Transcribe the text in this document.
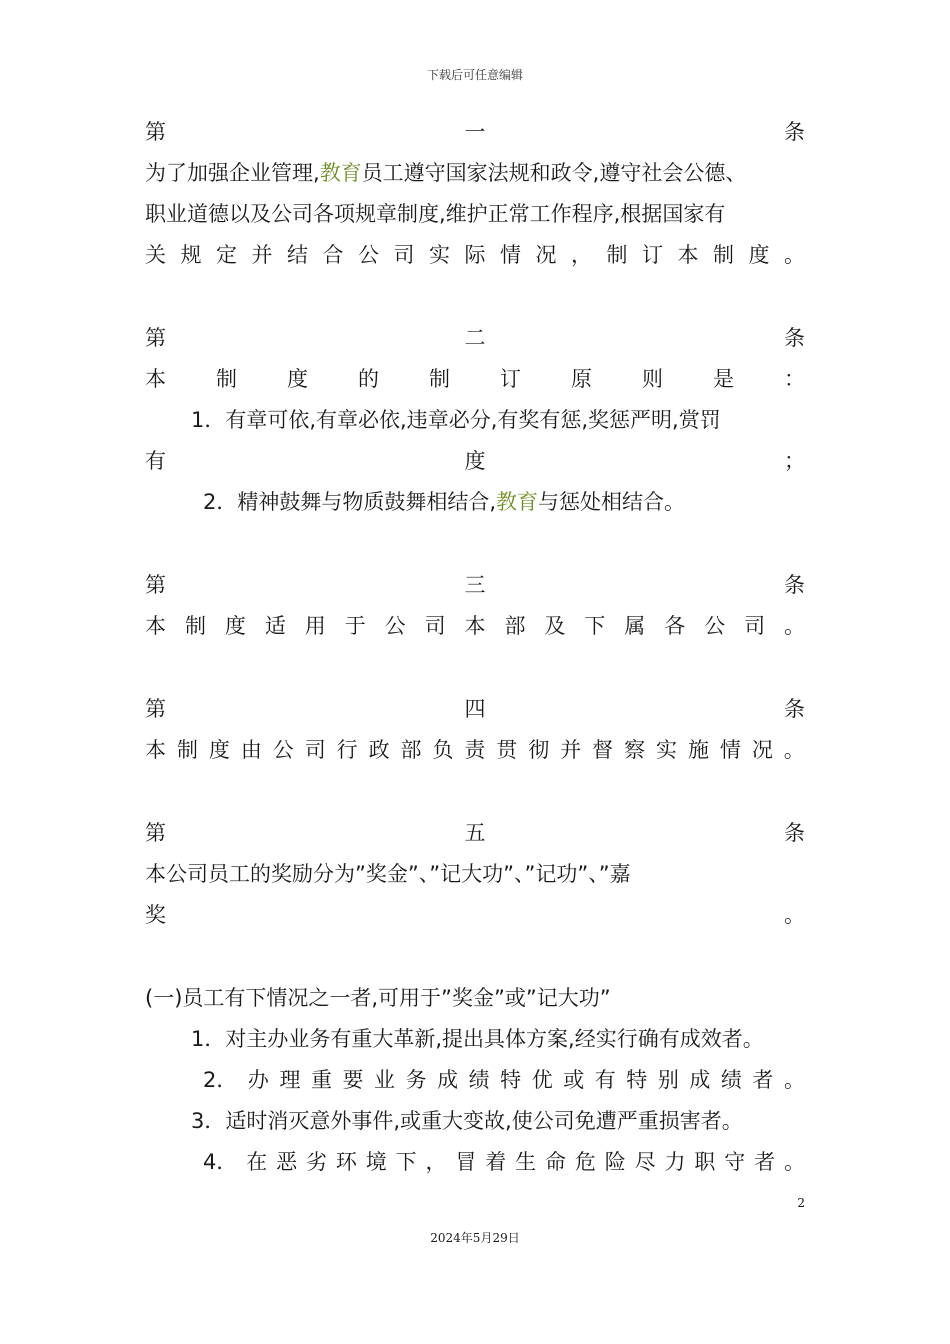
下载后可任意编辑
第	一	条
为了加强企业管理,教育员工遵守国家法规和政令,遵守社会公德、
职业道德以及公司各项规章制度,维护正常工作程序,根据国家有
关 规 定 并 结 合 公 司 实 际 情 况 ， 制 订 本 制 度 。
第	二	条
本 制 度 的 制 订 原 则 是 ：
1．有章可依,有章必依,违章必分,有奖有惩,奖惩严明,赏罚
有	度	；
2．精神鼓舞与物质鼓舞相结合,教育与惩处相结合。
第	三	条
本 制 度 适 用 于 公 司 本 部 及 下 属 各 公 司 。
第	四	条
本 制 度 由 公 司 行 政 部 负 责 贯 彻 并 督 察 实 施 情 况 。
第	五	条
本公司员工的奖励分为”奖金”、”记大功”、”记功”、”嘉
奖	。
(一)员工有下情况之一者,可用于”奖金”或”记大功”
1．对主办业务有重大革新,提出具体方案,经实行确有成效者。
2． 办 理 重 要 业 务 成 绩 特 优 或 有 特 别 成 绩 者 。
3．适时消灭意外事件,或重大变故,使公司免遭严重损害者。
4． 在 恶 劣 环 境 下 ， 冒 着 生 命 危 险 尽 力 职 守 者 。
2
2024年5月29日
